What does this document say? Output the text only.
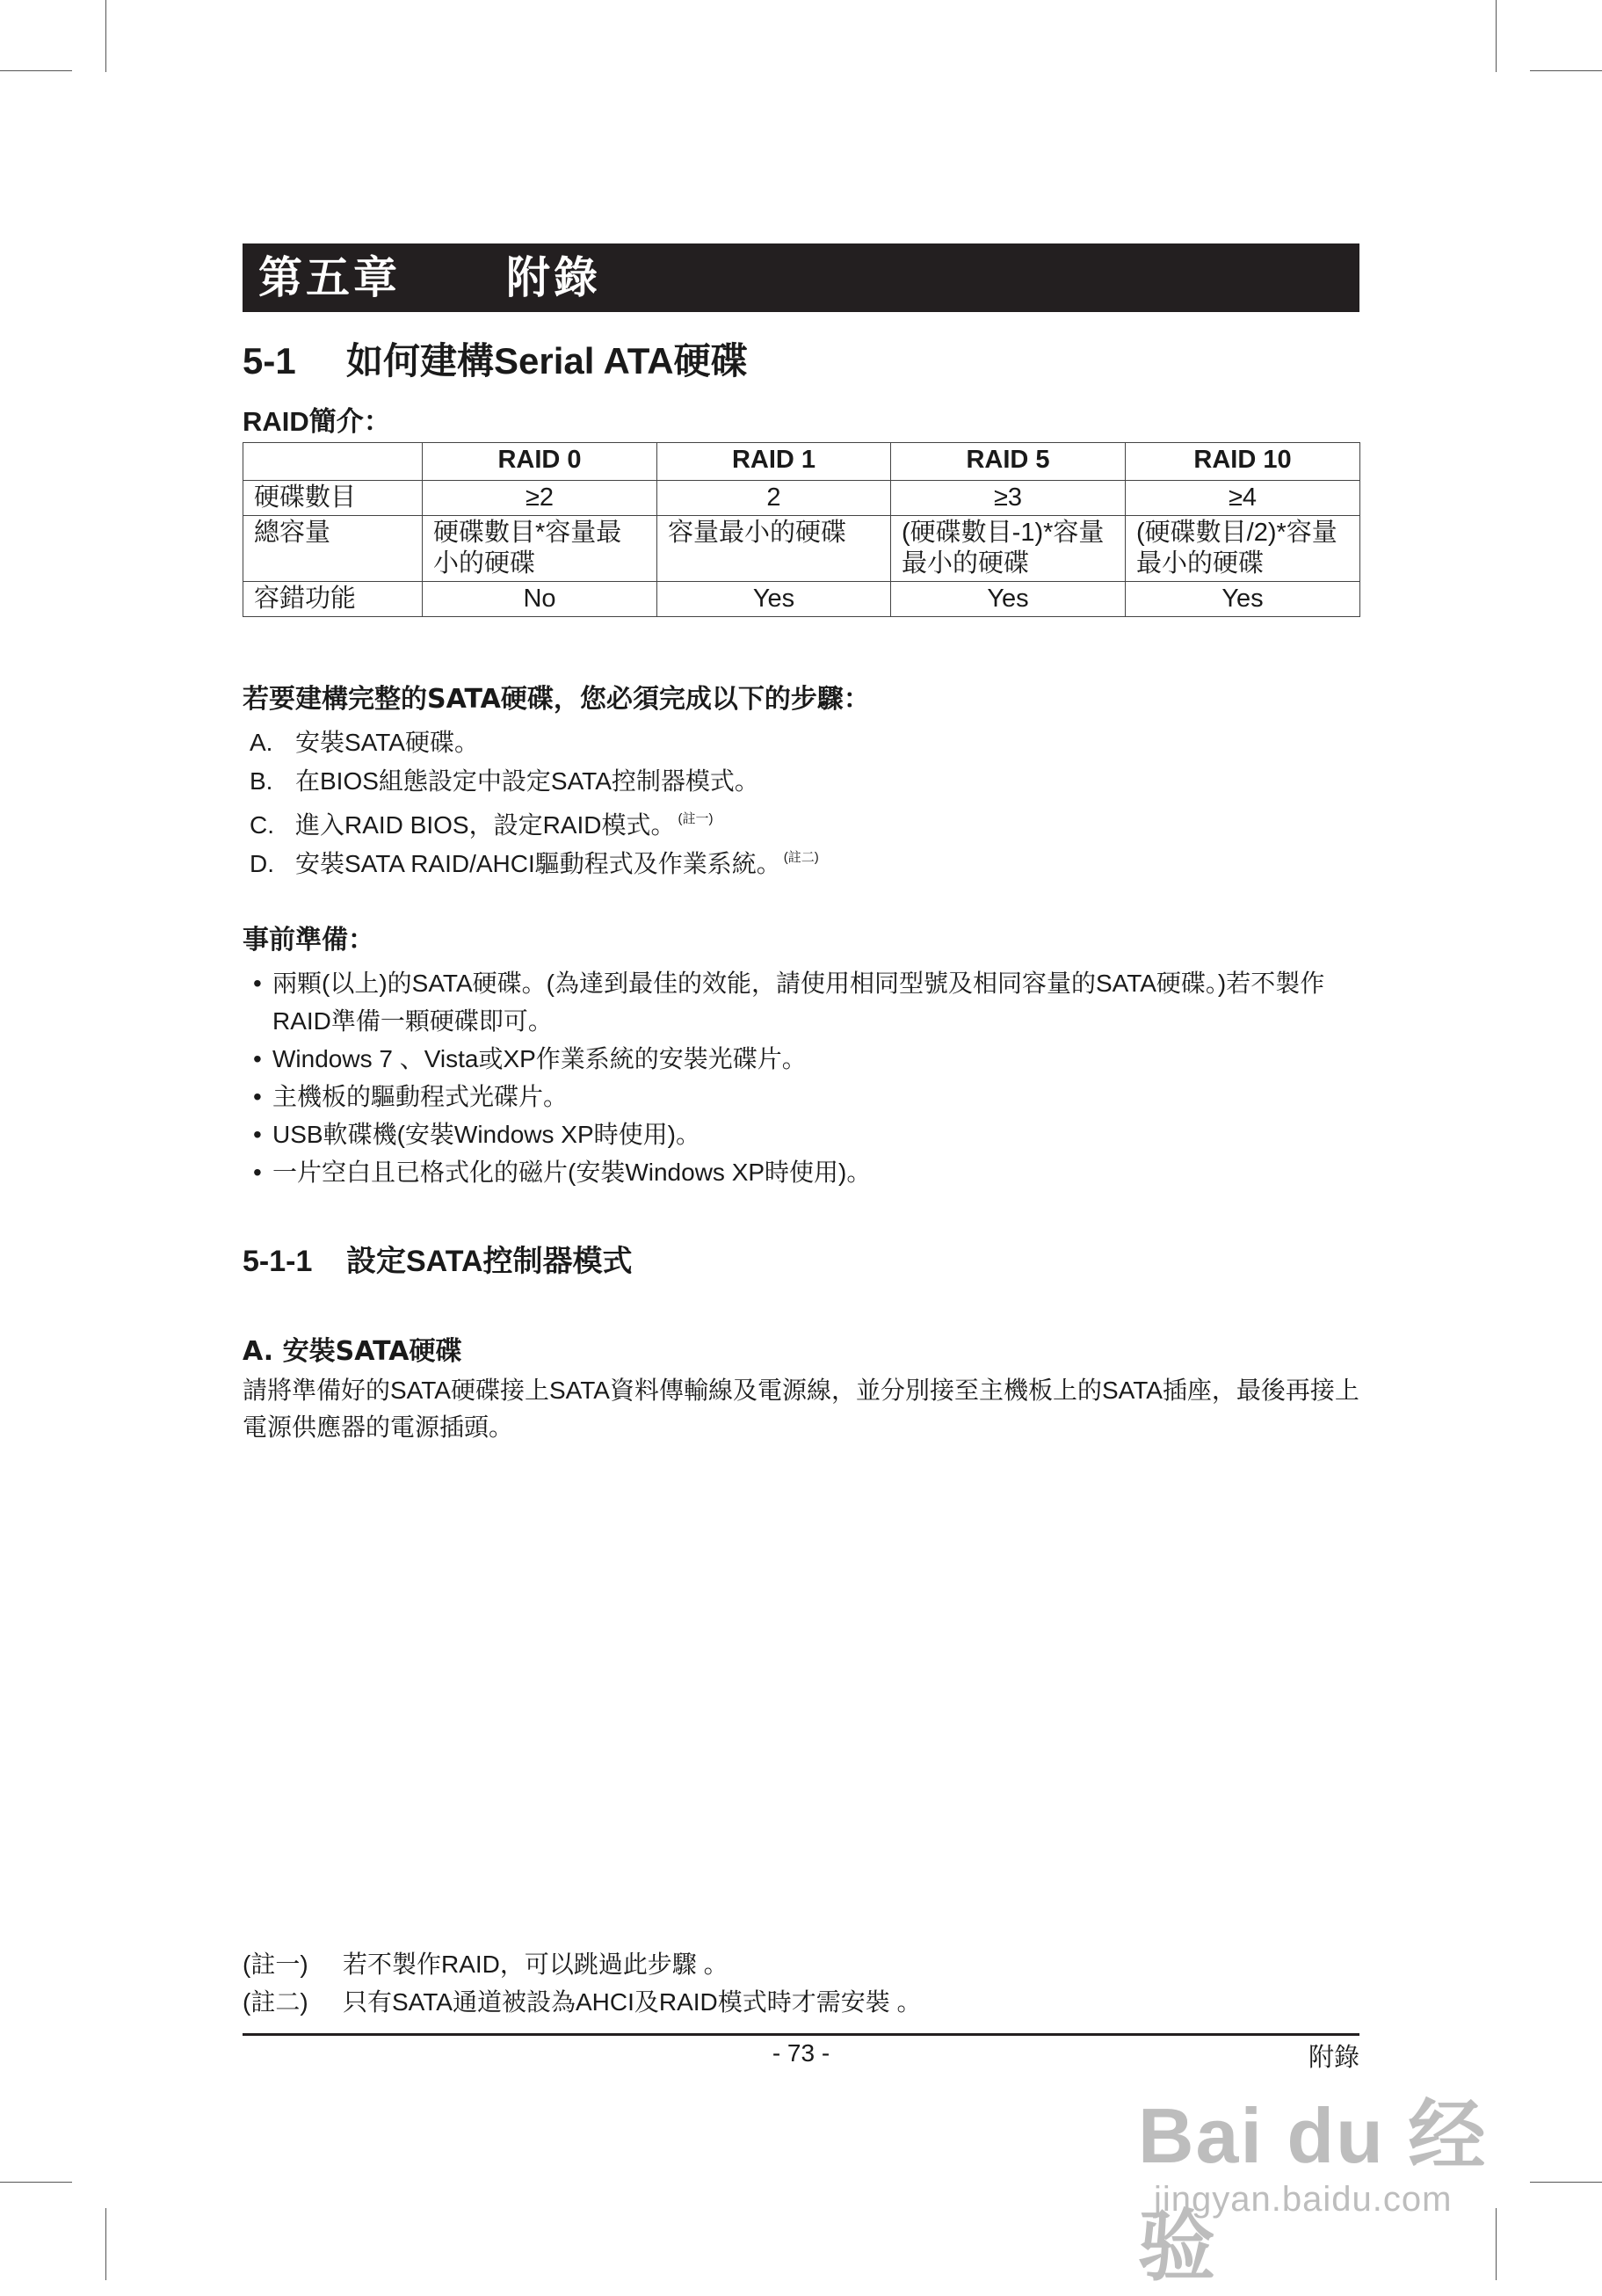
第五章 附錄
5-1 如何建構Serial ATA硬碟
RAID簡介：
	RAID 0	RAID 1	RAID 5	RAID 10
硬碟數目	≥2	2	≥3	≥4
總容量	硬碟數目*容量最小的硬碟	容量最小的硬碟	(硬碟數目-1)*容量最小的硬碟	(硬碟數目/2)*容量最小的硬碟
容錯功能	No	Yes	Yes	Yes
若要建構完整的SATA硬碟，您必須完成以下的步驟：
A. 安裝SATA硬碟。
B. 在BIOS組態設定中設定SATA控制器模式。
C. 進入RAID BIOS，設定RAID模式。 $^{(註一)}$
D. 安裝SATA RAID/AHCI驅動程式及作業系統。 $^{(註二)}$
事前準備：
• 兩顆(以上)的SATA硬碟。(為達到最佳的效能，請使用相同型號及相同容量的SATA硬碟。)若不製作RAID準備一顆硬碟即可。
• Windows 7 、Vista或XP作業系統的安裝光碟片。
• 主機板的驅動程式光碟片。
• USB軟碟機(安裝Windows XP時使用)。
• 一片空白且已格式化的磁片(安裝Windows XP時使用)。
5-1-1 設定SATA控制器模式
A. 安裝SATA硬碟
請將準備好的SATA硬碟接上SATA資料傳輸線及電源線，並分別接至主機板上的SATA插座，最後再接上電源供應器的電源插頭。
(註一) 若不製作RAID，可以跳過此步驟 。
(註二) 只有SATA通道被設為AHCI及RAID模式時才需安裝 。
- 73 -	附錄
Bai du 经验
jingyan.baidu.com
